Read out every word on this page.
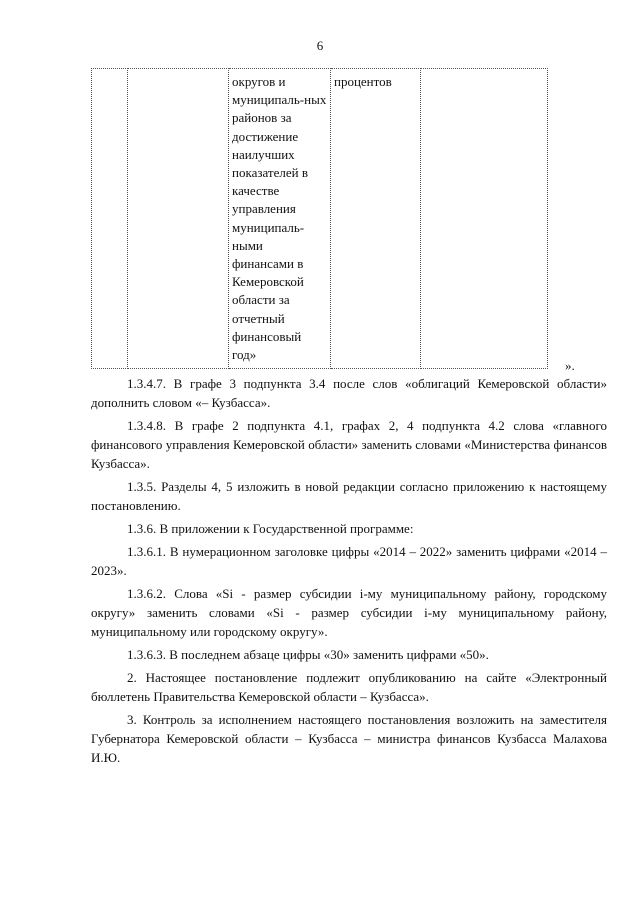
6
		округов и муниципаль-ных районов за достижение наилучших показателей в качестве управления муниципаль-ными финансами в Кемеровской области за отчетный финансовый год»	процентов	
».

1.3.4.7. В графе 3 подпункта 3.4 после слов «облигаций Кемеровской области» дополнить словом «– Кузбасса».

1.3.4.8. В графе 2 подпункта 4.1, графах 2, 4 подпункта 4.2 слова «главного финансового управления Кемеровской области» заменить словами «Министерства финансов Кузбасса».

1.3.5. Разделы 4, 5 изложить в новой редакции согласно приложению к настоящему постановлению.

1.3.6. В приложении к Государственной программе:

1.3.6.1. В нумерационном заголовке цифры «2014 – 2022» заменить цифрами «2014 – 2023».

1.3.6.2. Слова «Si - размер субсидии i-му муниципальному району, городскому округу» заменить словами «Si - размер субсидии i-му муниципальному району, муниципальному или городскому округу».

1.3.6.3. В последнем абзаце цифры «30» заменить цифрами «50».

2. Настоящее постановление подлежит опубликованию на сайте «Электронный бюллетень Правительства Кемеровской области – Кузбасса».

3. Контроль за исполнением настоящего постановления возложить на заместителя Губернатора Кемеровской области – Кузбасса – министра финансов Кузбасса Малахова И.Ю.
